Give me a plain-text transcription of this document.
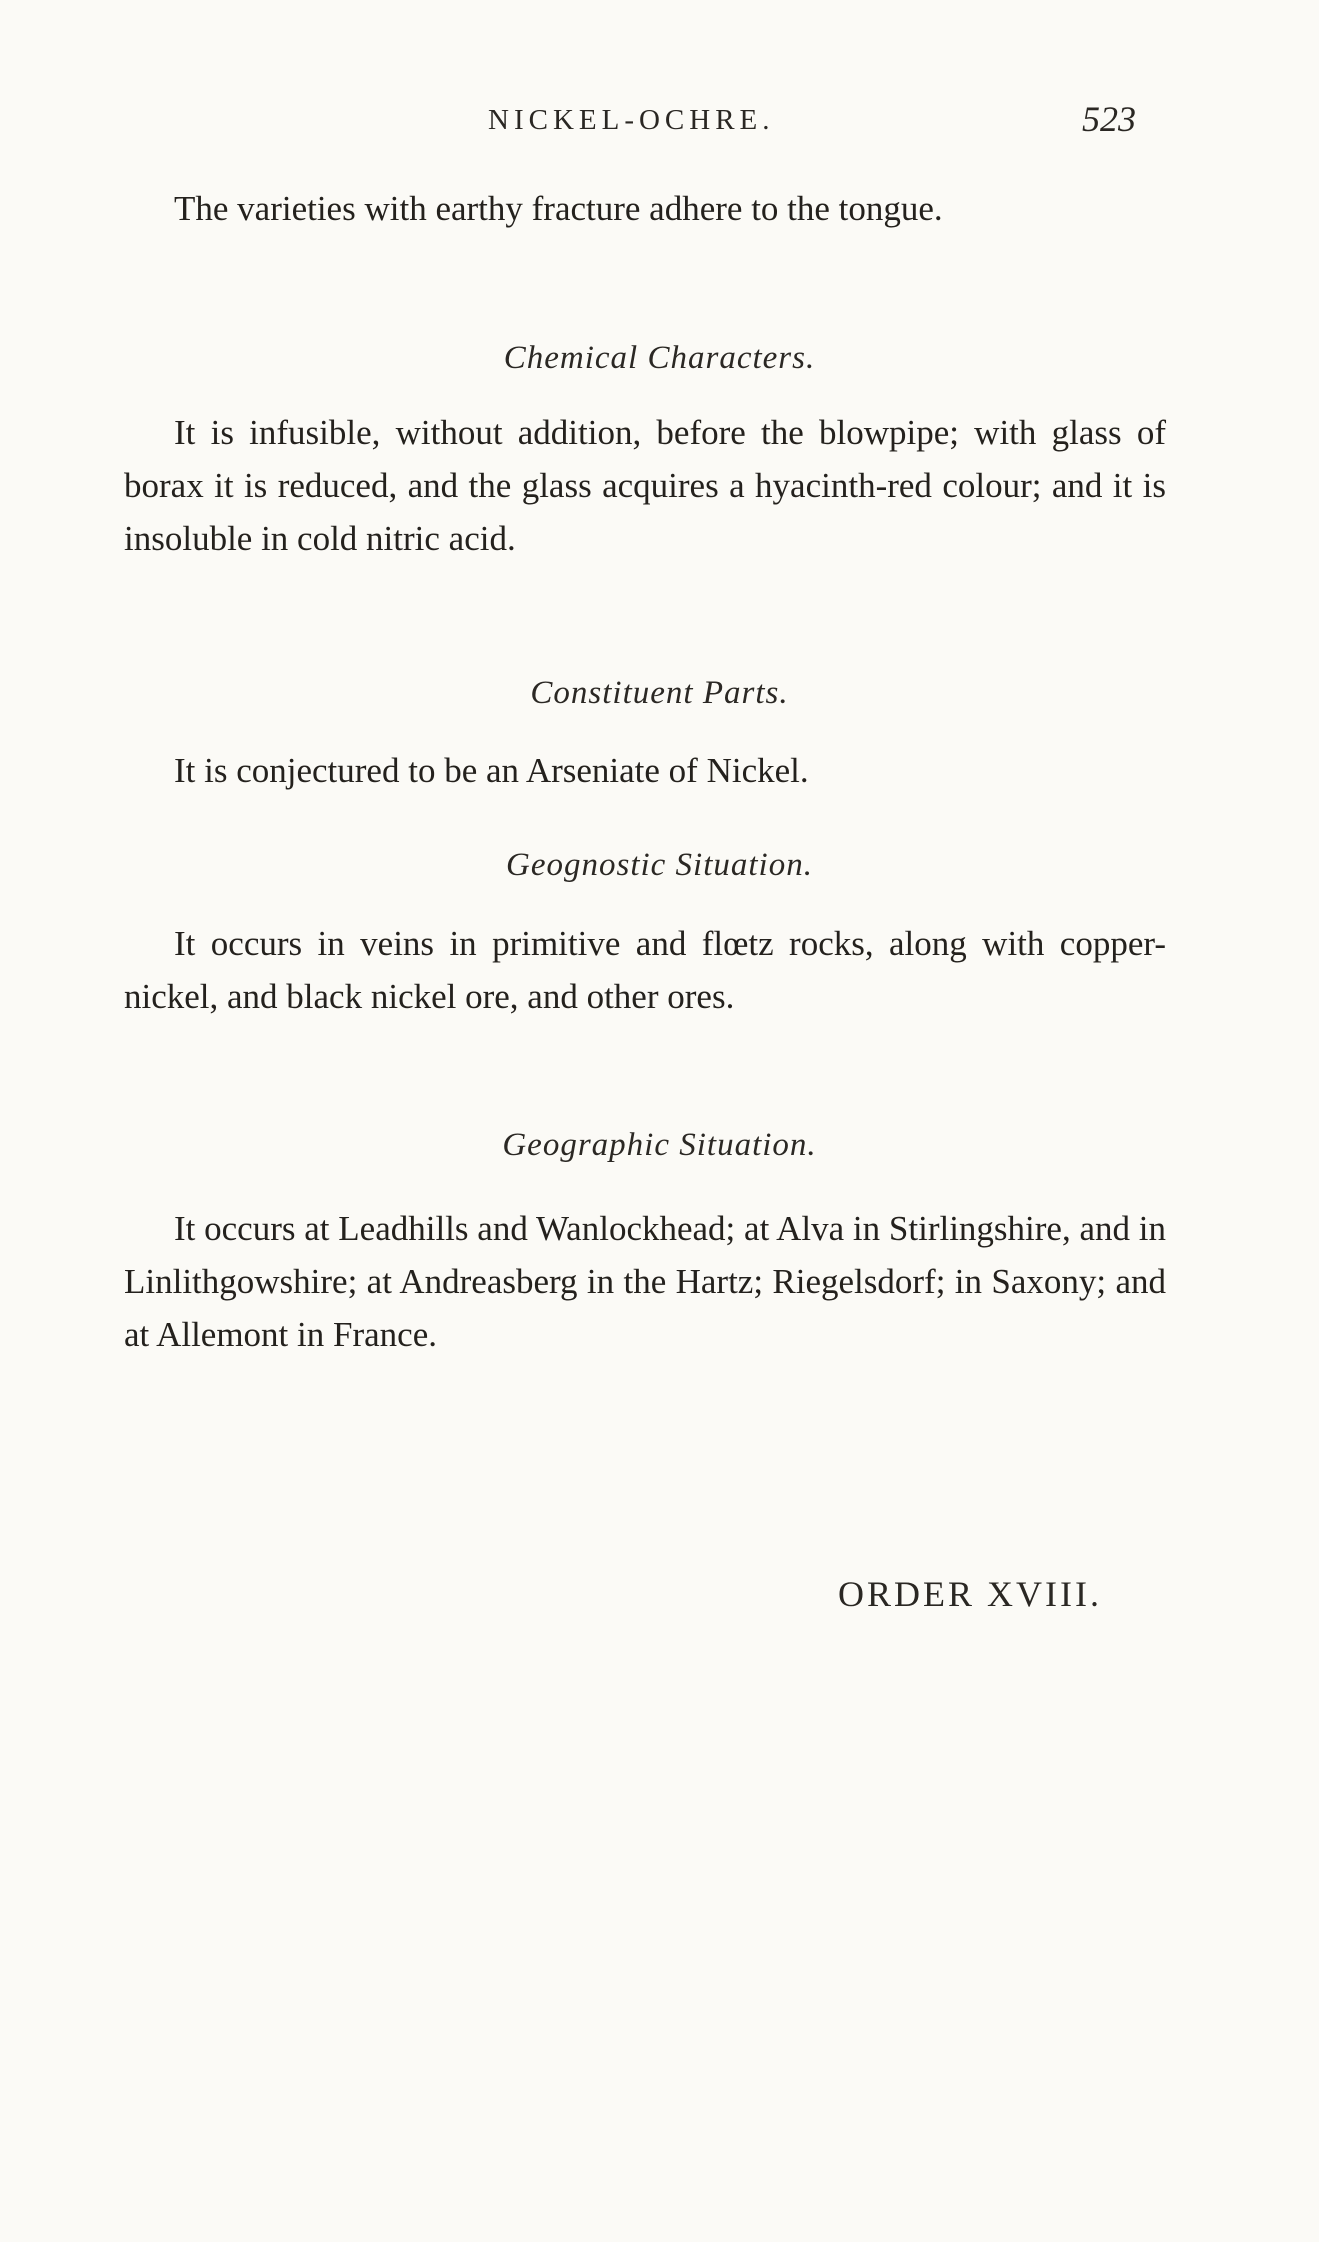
NICKEL-OCHRE.	523

The varieties with earthy fracture adhere to the tongue.

Chemical Characters.

It is infusible, without addition, before the blowpipe; with glass of borax it is reduced, and the glass acquires a hyacinth-red colour; and it is insoluble in cold nitric acid.

Constituent Parts.

It is conjectured to be an Arseniate of Nickel.

Geognostic Situation.

It occurs in veins in primitive and flœtz rocks, along with copper-nickel, and black nickel ore, and other ores.

Geographic Situation.

It occurs at Leadhills and Wanlockhead; at Alva in Stirlingshire, and in Linlithgowshire; at Andreasberg in the Hartz; Riegelsdorf; in Saxony; and at Allemont in France.

ORDER XVIII.
